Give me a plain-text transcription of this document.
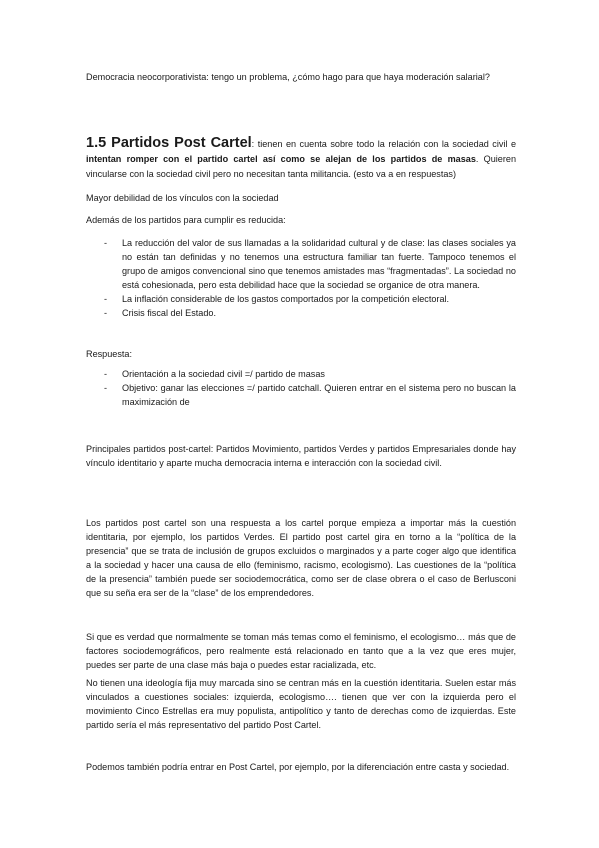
Democracia neocorporativista: tengo un problema, ¿cómo hago para que haya moderación salarial?

1.5 Partidos Post Cartel: tienen en cuenta sobre todo la relación con la sociedad civil e intentan romper con el partido cartel así como se alejan de los partidos de masas. Quieren vincularse con la sociedad civil pero no necesitan tanta militancia. (esto va a en respuestas)

Mayor debilidad de los vínculos con la sociedad

Además de los partidos para cumplir es reducida:

- La reducción del valor de sus llamadas a la solidaridad cultural y de clase: las clases sociales ya no están tan definidas y no tenemos una estructura familiar tan fuerte. Tampoco tenemos el grupo de amigos convencional sino que tenemos amistades mas “fragmentadas”. La sociedad no está cohesionada, pero esta debilidad hace que la sociedad se organice de otra manera.
- La inflación considerable de los gastos comportados por la competición electoral.
- Crisis fiscal del Estado.

Respuesta:

- Orientación a la sociedad civil =/ partido de masas
- Objetivo: ganar las elecciones =/ partido catchall. Quieren entrar en el sistema pero no buscan la maximización de

Principales partidos post-cartel: Partidos Movimiento, partidos Verdes y partidos Empresariales donde hay vínculo identitario y aparte mucha democracia interna e interacción con la sociedad civil.

Los partidos post cartel son una respuesta a los cartel porque empieza a importar más la cuestión identitaria, por ejemplo, los partidos Verdes. El partido post cartel gira en torno a la “política de la presencia” que se trata de inclusión de grupos excluidos o marginados y a parte coger algo que identifica a la sociedad y hacer una causa de ello (feminismo, racismo, ecologismo). Las cuestiones de la “política de la presencia” también puede ser sociodemocrática, como ser de clase obrera o el caso de Berlusconi que su seña era ser de la “clase” de los emprendedores.

Si que es verdad que normalmente se toman más temas como el feminismo, el ecologismo… más que de factores sociodemográficos, pero realmente está relacionado en tanto que a la vez que eres mujer, puedes ser parte de una clase más baja o puedes estar racializada, etc.

No tienen una ideología fija muy marcada sino se centran más en la cuestión identitaria. Suelen estar más vinculados a cuestiones sociales: izquierda, ecologismo…. tienen que ver con la izquierda pero el movimiento Cinco Estrellas era muy populista, antipolítico y tanto de derechas como de izquierdas. Este partido sería el más representativo del partido Post Cartel.

Podemos también podría entrar en Post Cartel, por ejemplo, por la diferenciación entre casta y sociedad.
